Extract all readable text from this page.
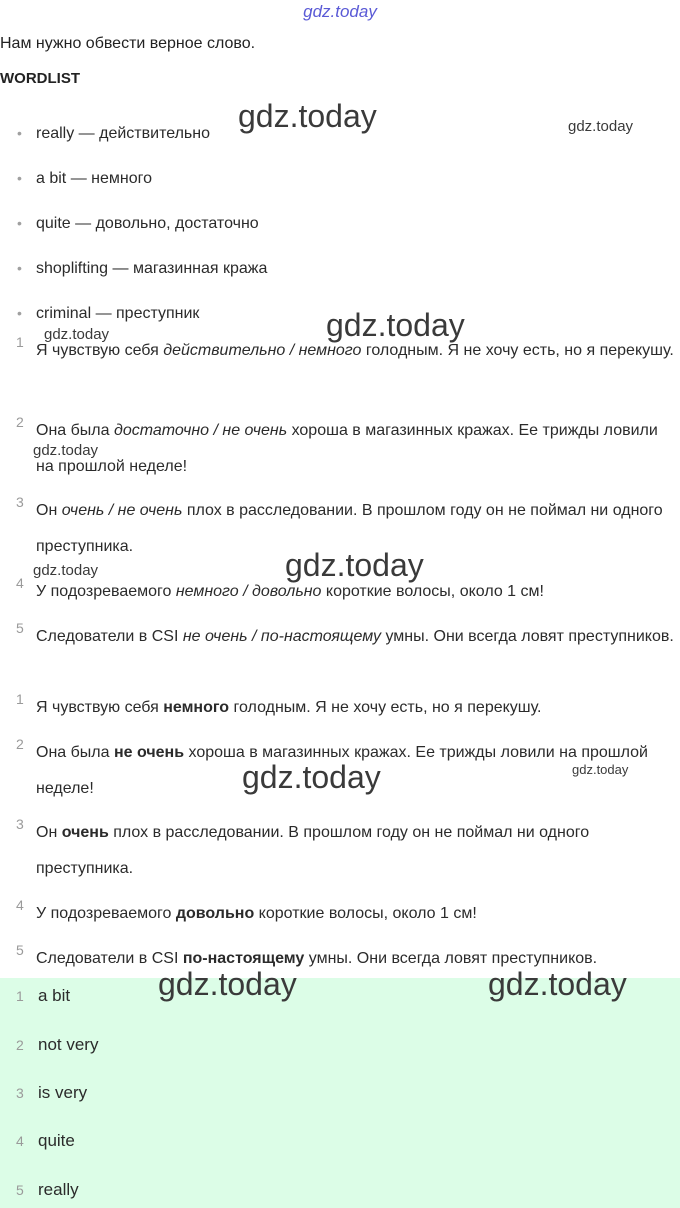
gdz.today
Нам нужно обвести верное слово.
WORDLIST
• really — действительно
• a bit — немного
• quite — довольно, достаточно
• shoplifting — магазинная кража
• criminal — преступник
1 Я чувствую себя действительно / немного голодным. Я не хочу есть, но я перекушу.
2 Она была достаточно / не очень хороша в магазинных кражах. Ее трижды ловили на прошлой неделе!
3 Он очень / не очень плох в расследовании. В прошлом году он не поймал ни одного преступника.
4 У подозреваемого немного / довольно короткие волосы, около 1 см!
5 Следователи в CSI не очень / по-настоящему умны. Они всегда ловят преступников.
1 Я чувствую себя немного голодным. Я не хочу есть, но я перекушу.
2 Она была не очень хороша в магазинных кражах. Ее трижды ловили на прошлой неделе!
3 Он очень плох в расследовании. В прошлом году он не поймал ни одного преступника.
4 У подозреваемого довольно короткие волосы, около 1 см!
5 Следователи в CSI по-настоящему умны. Они всегда ловят преступников.
1 a bit
2 not very
3 is very
4 quite
5 really
gdz.today	gdz.today
gdz.today	gdz.today
gdz.today
gdz.today	gdz.today
gdz.today	gdz.today
gdz.today	gdz.today
